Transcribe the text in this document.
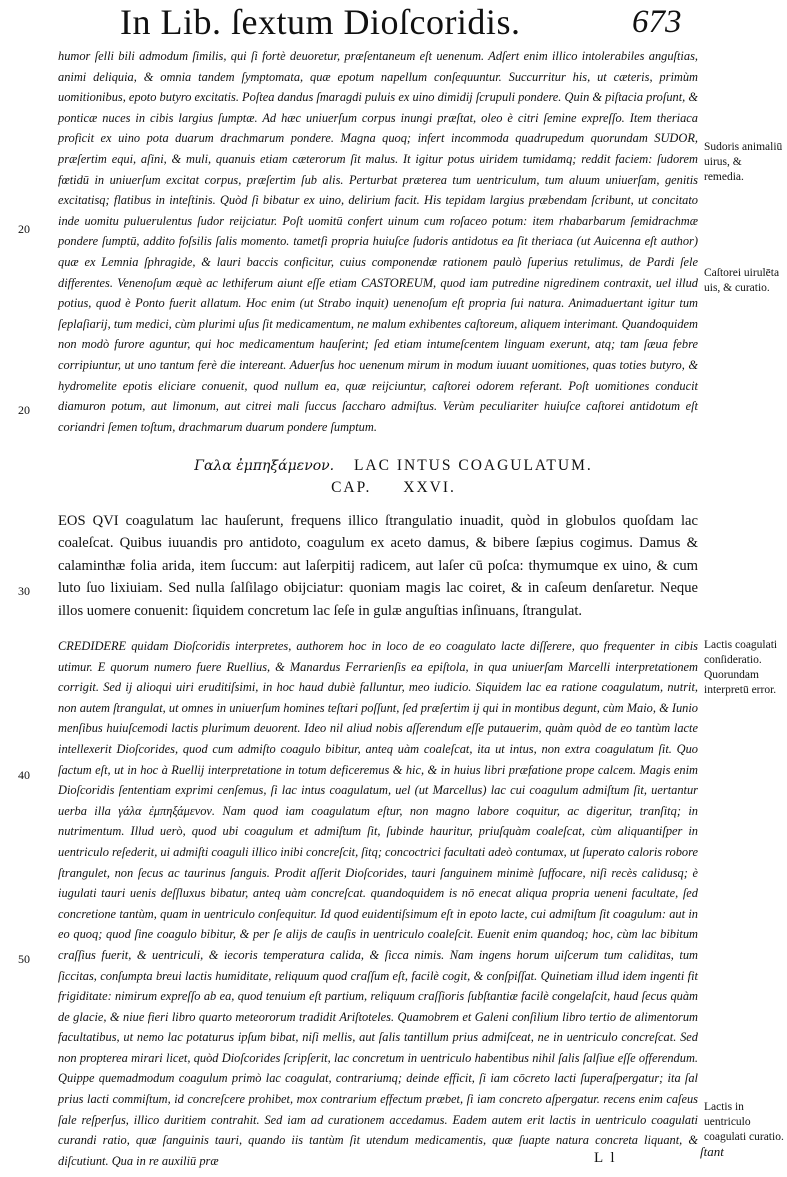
In Lib. ſextum Dioſcoridis.	673
20
20
30
40
50

humor ſelli bili admodum ſimilis, qui ſi fortè deuoretur, præſentaneum eſt uenenum. Adſert enim illico intolerabiles anguſtias, animi deliquia, & omnia tandem ſymptomata, quæ epotum napellum conſequuntur. Succurritur his, ut cæteris, primùm uomitionibus, epoto butyro excitatis. Poſtea dandus ſmaragdi puluis ex uino dimidij ſcrupuli pondere. Quin & piſtacia proſunt, & ponticæ nuces in cibis largius ſumptæ. Ad hæc uniuerſum corpus inungi præſtat, oleo è citri ſemine expreſſo. Item theriaca proficit ex uino pota duarum drachmarum pondere. Magna quoq; infert incommoda quadrupedum quorundam SUDOR, præſertim equi, aſini, & muli, quanuis etiam cæterorum ſit malus. It igitur potus uiridem tumidamq; reddit faciem: ſudorem fœtidū in uniuerſum excitat corpus, præſertim ſub alis. Perturbat præterea tum uentriculum, tum aluum uniuerſam, genitis excitatisq; flatibus in inteſtinis. Quòd ſi bibatur ex uino, delirium facit. His tepidam largius præbendam ſcribunt, ut concitato inde uomitu puluerulentus ſudor reijciatur. Poſt uomitū confert uinum cum roſaceo potum: item rhabarbarum ſemidrachmæ pondere ſumptū, addito foſsilis ſalis momento. tametſi propria huiuſce ſudoris antidotus ea ſit theriaca (ut Auicenna eſt author) quæ ex Lemnia ſphragide, & lauri baccis conficitur, cuius componendæ rationem paulò ſuperius retulimus, de Pardi ſele differentes. Venenoſum æquè ac lethiferum aiunt eſſe etiam CASTOREUM, quod iam putredine nigredinem contraxit, uel illud potius, quod è Ponto fuerit allatum. Hoc enim (ut Strabo inquit) uenenoſum eſt propria ſui natura. Animaduertant igitur tum ſeplaſiarij, tum medici, cùm plurimi uſus ſit medicamentum, ne malum exhibentes caſtoreum, aliquem interimant. Quandoquidem non modò furore aguntur, qui hoc medicamentum hauſerint; ſed etiam intumeſcentem linguam exerunt, atq; tam ſæua febre corripiuntur, ut uno tantum ferè die intereant. Aduerſus hoc uenenum mirum in modum iuuant uomitiones, quas toties butyro, & hydromelite epotis eliciare conuenit, quod nullum ea, quæ reijciuntur, caſtorei odorem referant. Poſt uomitiones conducit diamuron potum, aut limonum, aut citrei mali ſuccus ſaccharo admiſtus. Verùm peculiariter huiuſce caſtorei antidotum eſt coriandri ſemen toſtum, drachmarum duarum pondere ſumptum.

Γαλα ἐμπηξάμενον. LAC INTUS COAGULATUM.
CAP. XXVI.

EOS QVI coagulatum lac hauſerunt, frequens illico ſtrangulatio inuadit, quòd in globulos quoſdam lac coaleſcat. Quibus iuuandis pro antidoto, coagulum ex aceto damus, & bibere ſæpius cogimus. Damus & calaminthæ folia arida, item ſuccum: aut laſerpitij radicem, aut laſer cū poſca: thymumque ex uino, & cum luto ſuo lixiuiam. Sed nulla ſalſilago obijciatur: quoniam magis lac coiret, & in caſeum denſaretur. Neque illos uomere conuenit: ſiquidem concretum lac ſeſe in gulæ anguſtias inſinuans, ſtrangulat.

CREDIDERE quidam Dioſcoridis interpretes, authorem hoc in loco de eo coagulato lacte diſſerere, quo frequenter in cibis utimur. E quorum numero fuere Ruellius, & Manardus Ferrarienſis ea epiſtola, in qua uniuerſam Marcelli interpretationem corrigit. Sed ij alioqui uiri eruditiſsimi, in hoc haud dubiè falluntur, meo iudicio. Siquidem lac ea ratione coagulatum, nutrit, non autem ſtrangulat, ut omnes in uniuerſum homines teſtari poſſunt, ſed præſertim ij qui in montibus degunt, cùm Maio, & Iunio menſibus huiuſcemodi lactis plurimum deuorent. Ideo nil aliud nobis aſſerendum eſſe putauerim, quàm quòd de eo tantùm lacte intellexerit Dioſcorides, quod cum admiſto coagulo bibitur, anteq uàm coaleſcat, ita ut intus, non extra coagulatum ſit. Quo ſactum eſt, ut in hoc à Ruellij interpretatione in totum deficeremus & hic, & in huius libri præfatione prope calcem. Magis enim Dioſcoridis ſententiam exprimi cenſemus, ſi lac intus coagulatum, uel (ut Marcellus) lac cui coagulum admiſtum ſit, uertantur uerba illa γάλα ἐμπηξάμενον. Nam quod iam coagulatum eſtur, non magno labore coquitur, ac digeritur, tranſitq; in nutrimentum. Illud uerò, quod ubi coagulum et admiſtum ſit, ſubinde hauritur, priuſquàm coaleſcat, cùm aliquantiſper in uentriculo reſederit, ui admiſti coaguli illico inibi concreſcit, ſitq; concoctrici facultati adeò contumax, ut ſuperato caloris robore ſtrangulet, non ſecus ac taurinus ſanguis. Prodit aſſerit Dioſcorides, tauri ſanguinem minimè ſuffocare, niſi recès calidusq; è iugulati tauri uenis deſſluxus bibatur, anteq uàm concreſcat. quandoquidem is nō enecat aliqua propria ueneni facultate, ſed concretione tantùm, quam in uentriculo conſequitur. Id quod euidentiſsimum eſt in epoto lacte, cui admiſtum ſit coagulum: aut in eo quoq; quod ſine coagulo bibitur, & per ſe alijs de cauſis in uentriculo coaleſcit. Euenit enim quandoq; hoc, cùm lac bibitum craſſius fuerit, & uentriculi, & iecoris temperatura calida, & ſicca nimis. Nam ingens horum uiſcerum tum caliditas, tum ſiccitas, conſumpta breui lactis humiditate, reliquum quod craſſum eſt, facilè cogit, & conſpiſſat. Quinetiam illud idem ingenti fit frigiditate: nimirum expreſſo ab ea, quod tenuium eſt partium, reliquum craſſioris ſubſtantiæ facilè congelaſcit, haud ſecus quàm de glacie, & niue fieri libro quarto meteororum tradidit Ariſtoteles. Quamobrem et Galeni conſilium libro tertio de alimentorum facultatibus, ut nemo lac potaturus ipſum bibat, niſi mellis, aut ſalis tantillum prius admiſceat, ne in uentriculo concreſcat. Sed non propterea mirari licet, quòd Dioſcorides ſcripſerit, lac concretum in uentriculo habentibus nihil ſalis ſalſiue eſſe offerendum. Quippe quemadmodum coagulum primò lac coagulat, contrariumq; deinde efficit, ſi iam cōcreto lacti ſuperaſpergatur; ita ſal prius lacti commiſtum, id concreſcere prohibet, mox contrarium effectum præbet, ſi iam concreto aſpergatur. recens enim caſeus ſale reſperſus, illico duritiem contrahit. Sed iam ad curationem accedamus. Eadem autem erit lactis in uentriculo coagulati curandi ratio, quæ ſanguinis tauri, quando iis tantùm ſit utendum medicamentis, quæ ſuapte natura concreta liquant, & diſcutiunt. Qua in re auxiliū præ

Sudoris animaliū uirus, & remedia.
Caſtorei uirulēta uis, & curatio.
Lactis coagulati conſideratio. Quorundam interpretū error.
Lactis in uentriculo coagulati curatio.
L l	ſtant
